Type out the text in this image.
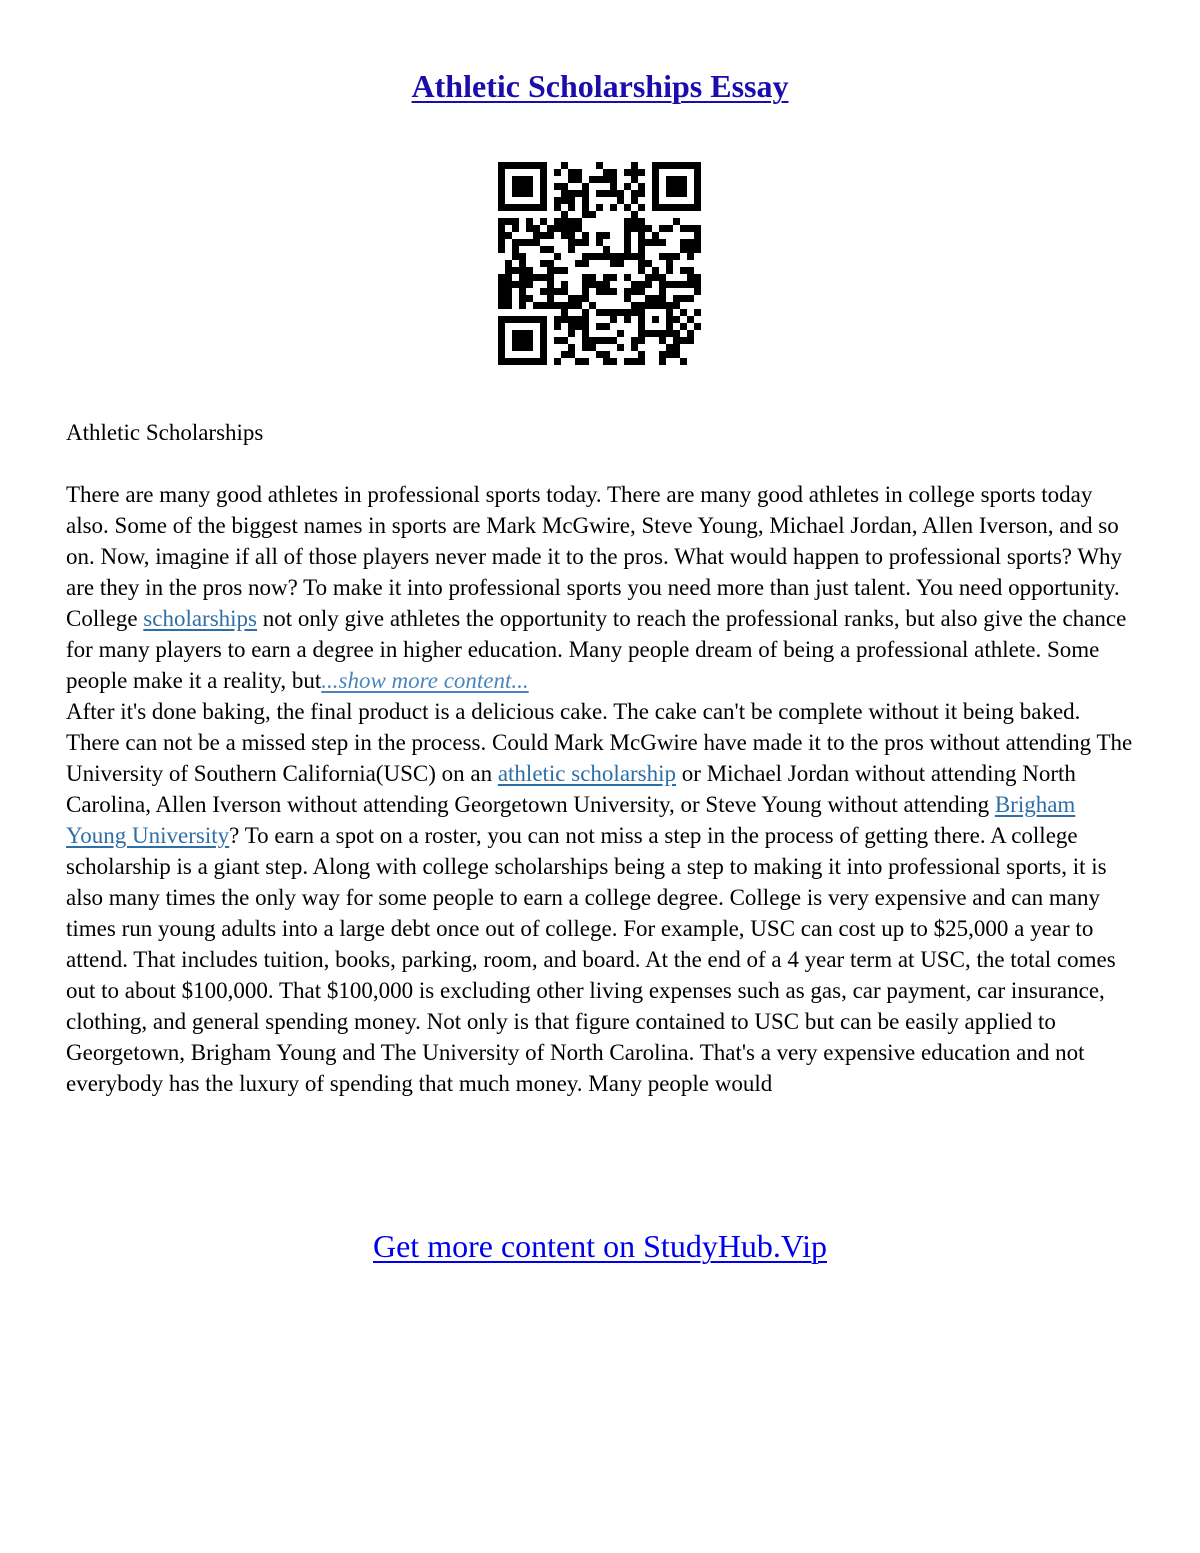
Athletic Scholarships Essay

Athletic Scholarships

There are many good athletes in professional sports today. There are many good athletes in college sports today also. Some of the biggest names in sports are Mark McGwire, Steve Young, Michael Jordan, Allen Iverson, and so on. Now, imagine if all of those players never made it to the pros. What would happen to professional sports? Why are they in the pros now? To make it into professional sports you need more than just talent. You need opportunity. College scholarships not only give athletes the opportunity to reach the professional ranks, but also give the chance for many players to earn a degree in higher education. Many people dream of being a professional athlete. Some people make it a reality, but...show more content...

After it's done baking, the final product is a delicious cake. The cake can't be complete without it being baked. There can not be a missed step in the process. Could Mark McGwire have made it to the pros without attending The University of Southern California(USC) on an athletic scholarship or Michael Jordan without attending North Carolina, Allen Iverson without attending Georgetown University, or Steve Young without attending Brigham Young University? To earn a spot on a roster, you can not miss a step in the process of getting there. A college scholarship is a giant step. Along with college scholarships being a step to making it into professional sports, it is also many times the only way for some people to earn a college degree. College is very expensive and can many times run young adults into a large debt once out of college. For example, USC can cost up to $25,000 a year to attend. That includes tuition, books, parking, room, and board. At the end of a 4 year term at USC, the total comes out to about $100,000. That $100,000 is excluding other living expenses such as gas, car payment, car insurance, clothing, and general spending money. Not only is that figure contained to USC but can be easily applied to Georgetown, Brigham Young and The University of North Carolina. That's a very expensive education and not everybody has the luxury of spending that much money. Many people would

Get more content on StudyHub.Vip
